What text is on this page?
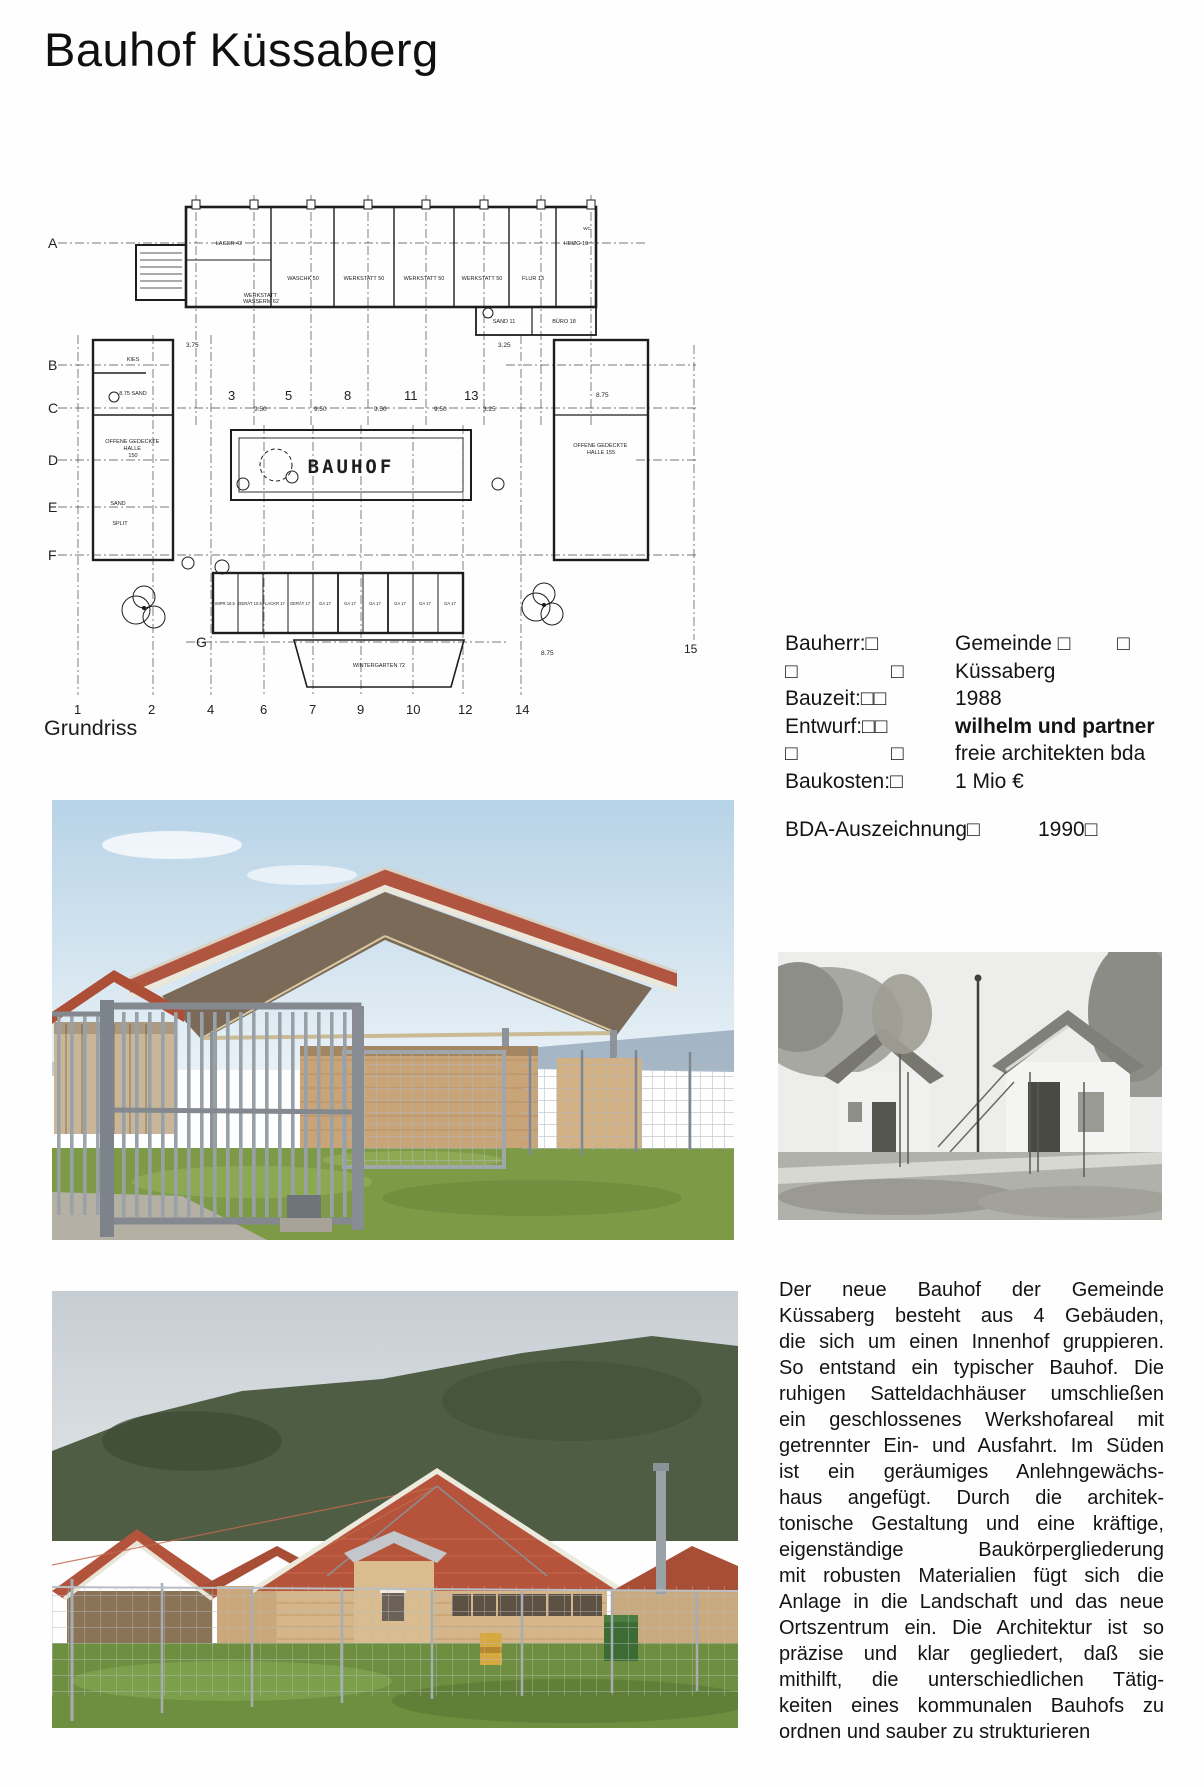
Bauhof Küssaberg
A
B
C
D
E
F
G
3	5	8	11	13
9.50	9.50	9.50	9.50	3.25
3.75	3.25
8.75
8.75
1	2	4	6	7	9	10	12	14
15
LAGER 42
WASCHK 50	WERKSTATT 50	WERKSTATT 50	WERKSTATT 50
HEIZG 19
FLUR 13
SAND 11	BÜRO 18
WC
WERKSTATT WASSERM 62
KIES
8.75 SAND
OFFENE GEDECKTE HALLE 150
SAND
SPLIT
OFFENE GEDECKTE HALLE 155
BAUHOF
IMPR 10.5 GERÄT 10.5 LACKR 17 GERÄT 17 GA 17	GA 17	GA 17	GA 17	GA 17	GA 17
WINTERGARTEN 72
Grundriss
Bauherr:□	Gemeinde □        □
□                □	Küssaberg
Bauzeit:□□	1988
Entwurf:□□	wilhelm und partner
□                □	freie architekten bda
Baukosten:□	1 Mio €
BDA-Auszeichnung□	1990□
Der neue Bauhof der Gemeinde
Küssaberg besteht aus 4 Gebäuden,
die sich um einen Innenhof gruppieren.
So entstand ein typischer Bauhof. Die
ruhigen Satteldachhäuser umschließen
ein geschlossenes Werkshofareal mit
getrennter Ein- und Ausfahrt. Im Süden
ist ein geräumiges Anlehngewächs-
haus angefügt. Durch die architek-
tonische Gestaltung und eine kräftige,
eigenständige Baukörpergliederung
mit robusten Materialien fügt sich die
Anlage in die Landschaft und das neue
Ortszentrum ein. Die Architektur ist so
präzise und klar gegliedert, daß sie
mithilft, die unterschiedlichen Tätig-
keiten eines kommunalen Bauhofs zu
ordnen und sauber zu strukturieren
